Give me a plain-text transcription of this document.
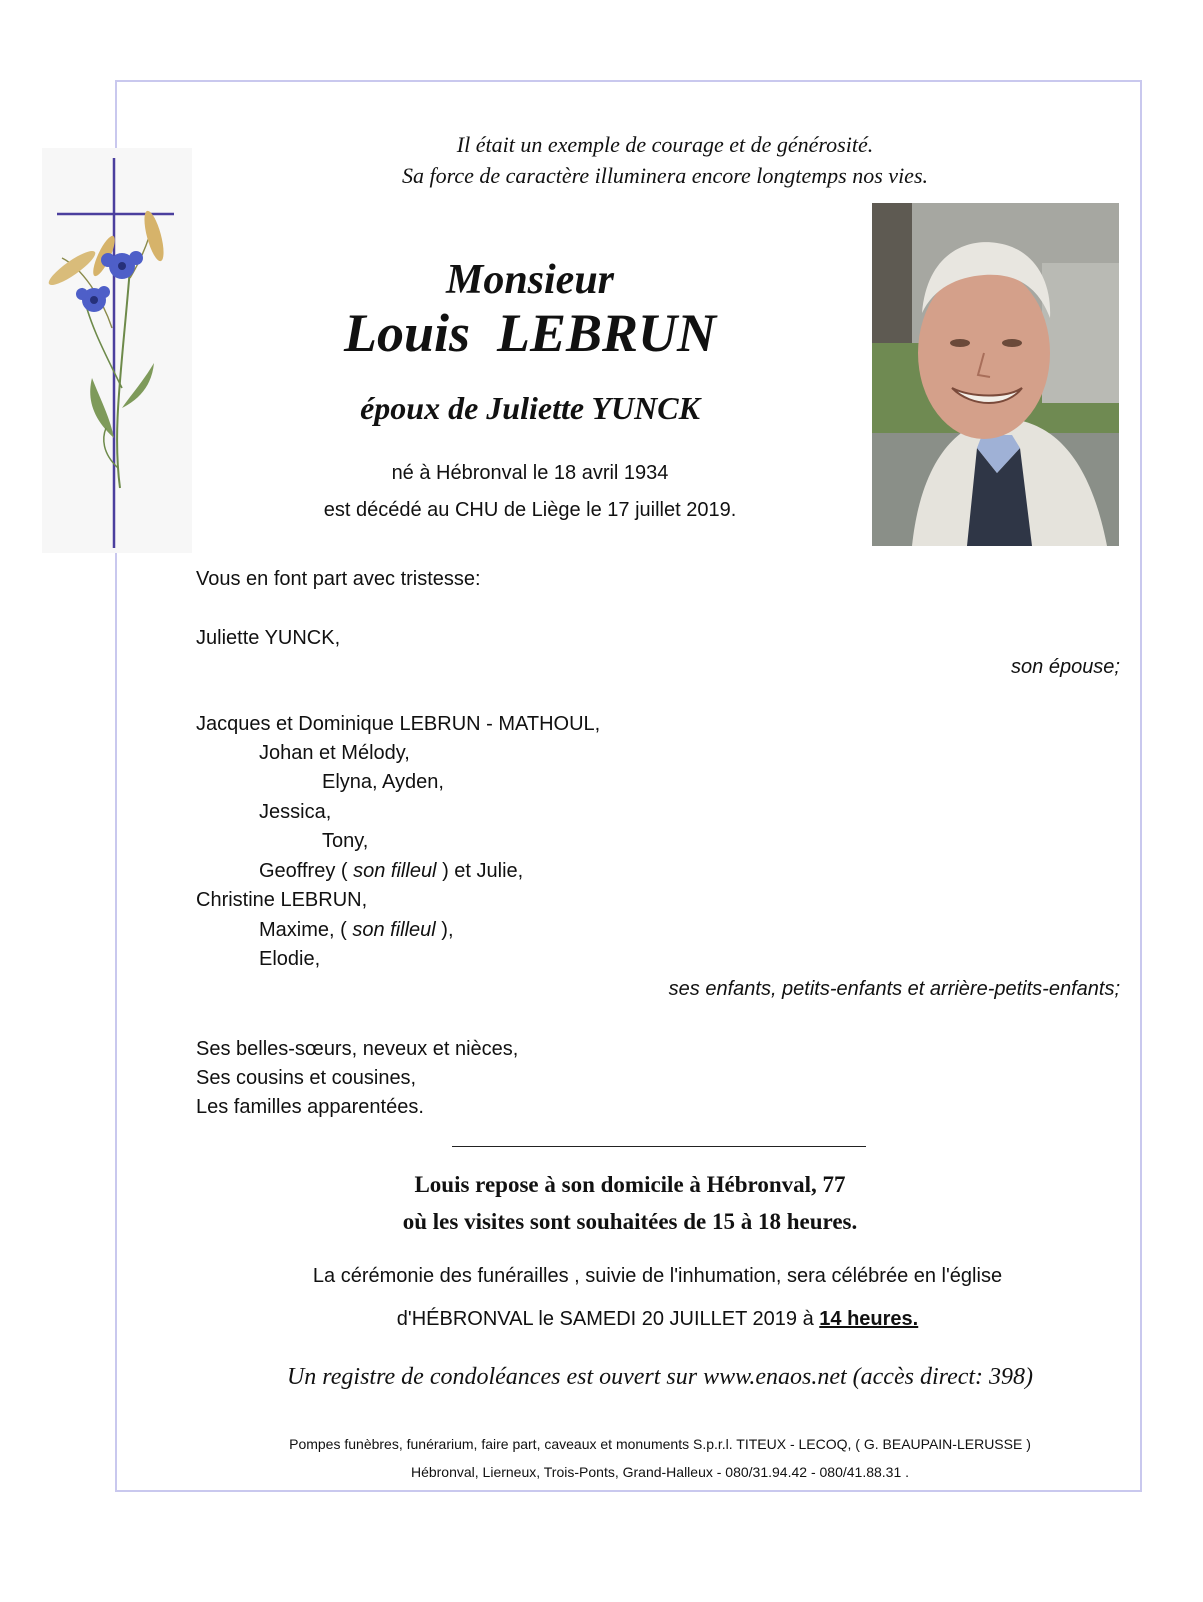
Il était un exemple de courage et de générosité.
Sa force de caractère illuminera encore longtemps nos vies.
Monsieur
Louis  LEBRUN
époux de Juliette YUNCK
né à Hébronval le 18 avril 1934
est décédé au CHU de Liège le 17 juillet 2019.
Vous en font part avec tristesse:
Juliette YUNCK,
son épouse;
Jacques et Dominique LEBRUN - MATHOUL,
Johan et Mélody,
Elyna, Ayden,
Jessica,
Tony,
Geoffrey ( son filleul ) et Julie,
Christine LEBRUN,
Maxime, ( son filleul ),
Elodie,
ses enfants, petits-enfants et arrière-petits-enfants;
Ses belles-sœurs, neveux et nièces,
Ses cousins et cousines,
Les familles apparentées.
Louis repose à son domicile à Hébronval, 77
où les visites sont souhaitées de 15 à 18 heures.
La cérémonie des funérailles , suivie de l'inhumation, sera célébrée en l'église
d'HÉBRONVAL le SAMEDI 20 JUILLET 2019 à 14 heures.
Un registre de condoléances est ouvert sur www.enaos.net (accès direct: 398)
Pompes funèbres, funérarium, faire part, caveaux et monuments S.p.r.l. TITEUX - LECOQ, ( G. BEAUPAIN-LERUSSE )
Hébronval, Lierneux, Trois-Ponts, Grand-Halleux - 080/31.94.42 - 080/41.88.31 .
